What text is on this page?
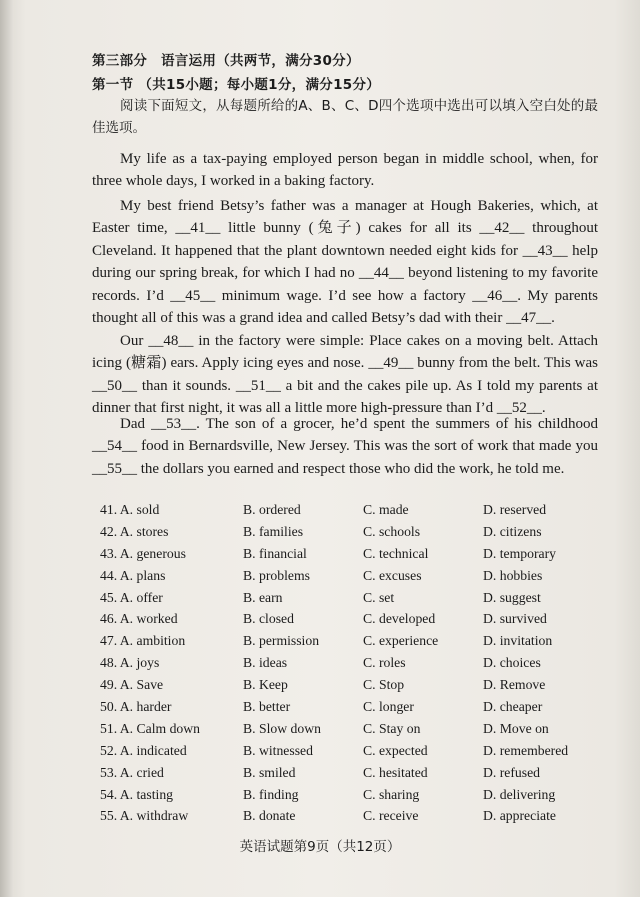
第三部分　语言运用（共两节，满分30分）
第一节 （共15小题；每小题1分，满分15分）
阅读下面短文，从每题所给的A、B、C、D四个选项中选出可以填入空白处的最佳选项。
My life as a tax-paying employed person began in middle school, when, for three whole days, I worked in a baking factory.
My best friend Betsy’s father was a manager at Hough Bakeries, which, at Easter time, __41__ little bunny (兔子) cakes for all its __42__ throughout Cleveland. It happened that the plant downtown needed eight kids for __43__ help during our spring break, for which I had no __44__ beyond listening to my favorite records. I’d __45__ minimum wage. I’d see how a factory __46__. My parents thought all of this was a grand idea and called Betsy’s dad with their __47__.
Our __48__ in the factory were simple: Place cakes on a moving belt. Attach icing (糖霜) ears. Apply icing eyes and nose. __49__ bunny from the belt. This was __50__ than it sounds. __51__ a bit and the cakes pile up. As I told my parents at dinner that first night, it was all a little more high-pressure than I’d __52__.
Dad __53__. The son of a grocer, he’d spent the summers of his childhood __54__ food in Bernardsville, New Jersey. This was the sort of work that made you __55__ the dollars you earned and respect those who did the work, he told me.
41. A. sold	B. ordered	C. made	D. reserved
42. A. stores	B. families	C. schools	D. citizens
43. A. generous	B. financial	C. technical	D. temporary
44. A. plans	B. problems	C. excuses	D. hobbies
45. A. offer	B. earn	C. set	D. suggest
46. A. worked	B. closed	C. developed	D. survived
47. A. ambition	B. permission	C. experience	D. invitation
48. A. joys	B. ideas	C. roles	D. choices
49. A. Save	B. Keep	C. Stop	D. Remove
50. A. harder	B. better	C. longer	D. cheaper
51. A. Calm down	B. Slow down	C. Stay on	D. Move on
52. A. indicated	B. witnessed	C. expected	D. remembered
53. A. cried	B. smiled	C. hesitated	D. refused
54. A. tasting	B. finding	C. sharing	D. delivering
55. A. withdraw	B. donate	C. receive	D. appreciate
英语试题第9页（共12页）
